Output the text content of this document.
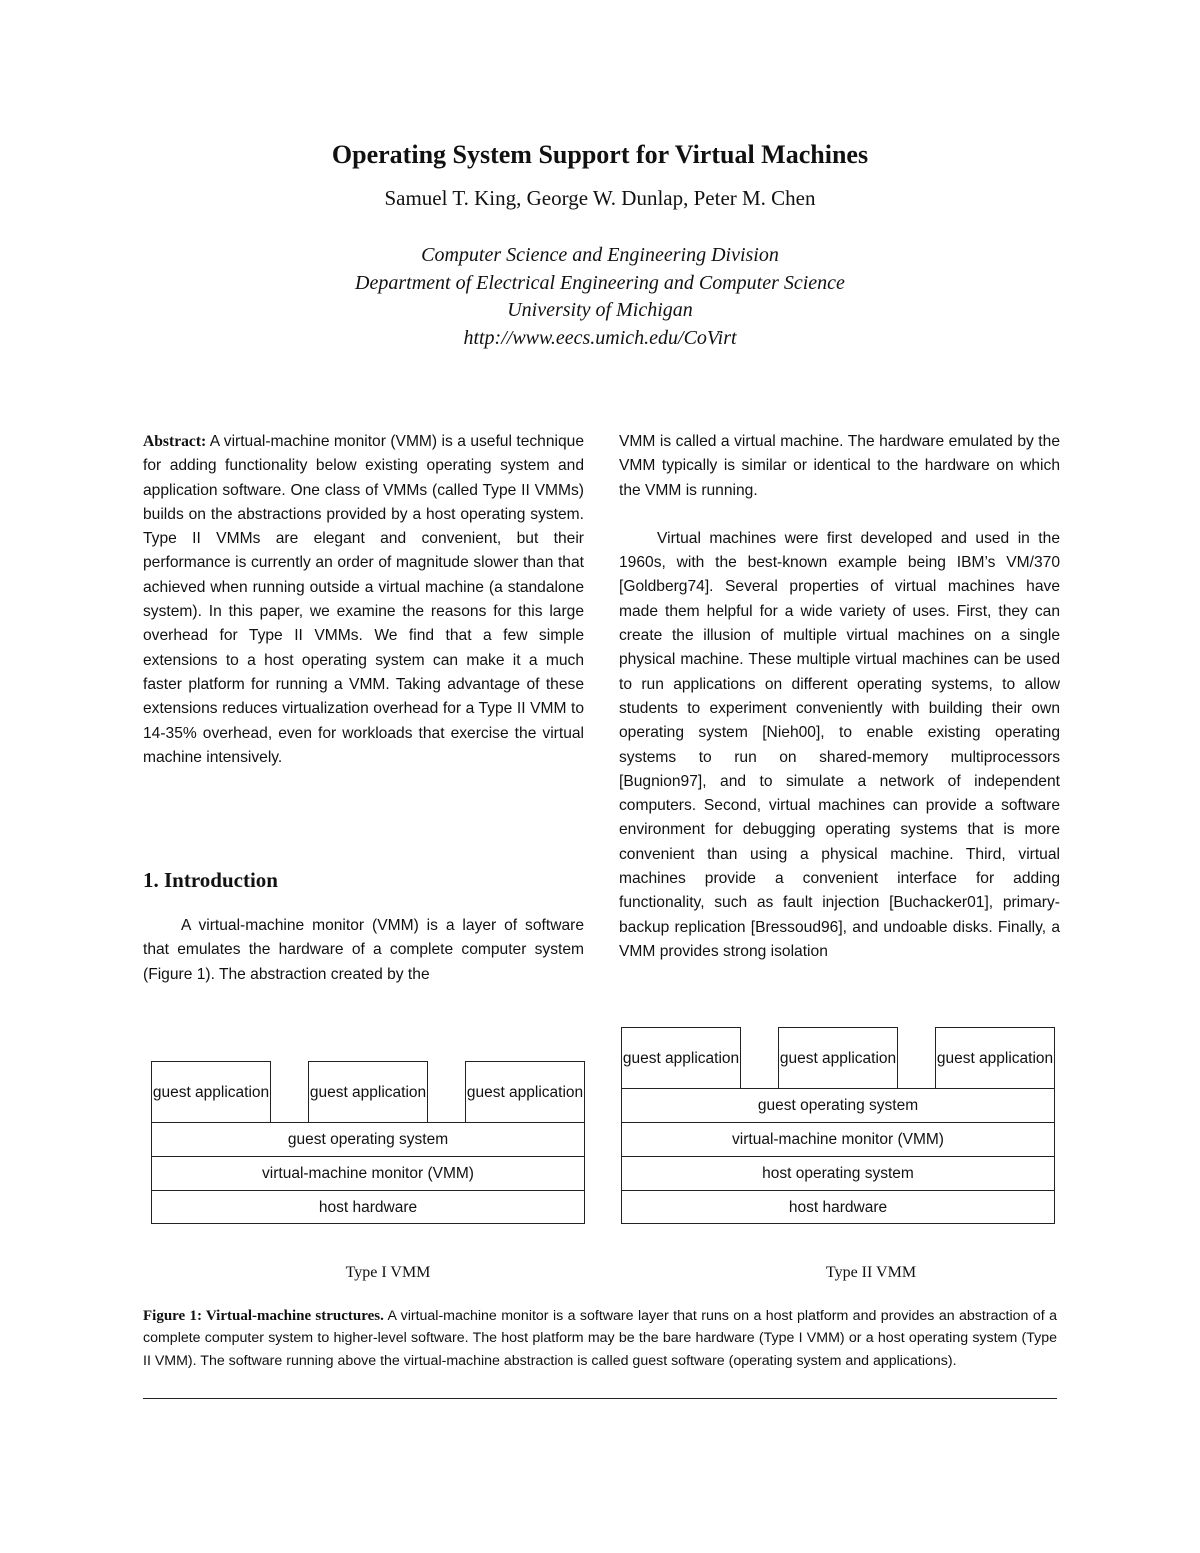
Operating System Support for Virtual Machines
Samuel T. King, George W. Dunlap, Peter M. Chen
Computer Science and Engineering Division
Department of Electrical Engineering and Computer Science
University of Michigan
http://www.eecs.umich.edu/CoVirt

Abstract: A virtual-machine monitor (VMM) is a useful technique for adding functionality below existing operating system and application software. One class of VMMs (called Type II VMMs) builds on the abstractions provided by a host operating system. Type II VMMs are elegant and convenient, but their performance is currently an order of magnitude slower than that achieved when running outside a virtual machine (a standalone system). In this paper, we examine the reasons for this large overhead for Type II VMMs. We find that a few simple extensions to a host operating system can make it a much faster platform for running a VMM. Taking advantage of these extensions reduces virtualization overhead for a Type II VMM to 14-35% overhead, even for workloads that exercise the virtual machine intensively.

1. Introduction

A virtual-machine monitor (VMM) is a layer of software that emulates the hardware of a complete computer system (Figure 1). The abstraction created by the

VMM is called a virtual machine. The hardware emulated by the VMM typically is similar or identical to the hardware on which the VMM is running.

Virtual machines were first developed and used in the 1960s, with the best-known example being IBM’s VM/370 [Goldberg74]. Several properties of virtual machines have made them helpful for a wide variety of uses. First, they can create the illusion of multiple virtual machines on a single physical machine. These multiple virtual machines can be used to run applications on different operating systems, to allow students to experiment conveniently with building their own operating system [Nieh00], to enable existing operating systems to run on shared-memory multiprocessors [Bugnion97], and to simulate a network of independent computers. Second, virtual machines can provide a software environment for debugging operating systems that is more convenient than using a physical machine. Third, virtual machines provide a convenient interface for adding functionality, such as fault injection [Buchacker01], primary-backup replication [Bressoud96], and undoable disks. Finally, a VMM provides strong isolation

guest application	guest application	guest application
guest operating system
virtual-machine monitor (VMM)
host hardware
Type I VMM
guest application	guest application	guest application
guest operating system
virtual-machine monitor (VMM)
host operating system
host hardware
Type II VMM
Figure 1: Virtual-machine structures. A virtual-machine monitor is a software layer that runs on a host platform and provides an abstraction of a complete computer system to higher-level software. The host platform may be the bare hardware (Type I VMM) or a host operating system (Type II VMM). The software running above the virtual-machine abstraction is called guest software (operating system and applications).
